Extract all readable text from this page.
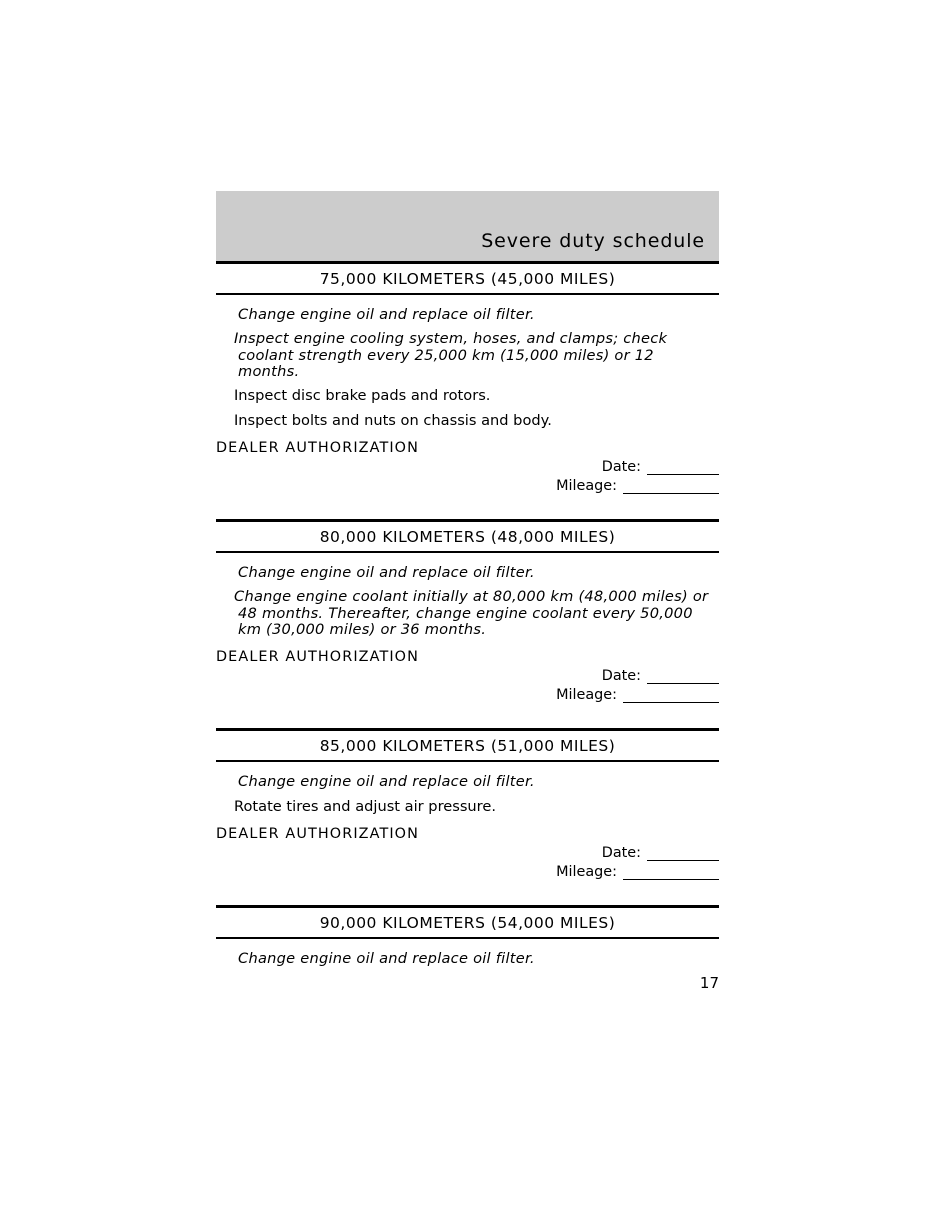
Severe duty schedule
75,000 KILOMETERS (45,000 MILES)

Change engine oil and replace oil filter.

Inspect engine cooling system, hoses, and clamps; check coolant strength every 25,000 km (15,000 miles) or 12 months.

Inspect disc brake pads and rotors.

Inspect bolts and nuts on chassis and body.

DEALER AUTHORIZATION
Date:
Mileage:
80,000 KILOMETERS (48,000 MILES)

Change engine oil and replace oil filter.

Change engine coolant initially at 80,000 km (48,000 miles) or 48 months. Thereafter, change engine coolant every 50,000 km (30,000 miles) or 36 months.

DEALER AUTHORIZATION
Date:
Mileage:
85,000 KILOMETERS (51,000 MILES)

Change engine oil and replace oil filter.

Rotate tires and adjust air pressure.

DEALER AUTHORIZATION
Date:
Mileage:
90,000 KILOMETERS (54,000 MILES)

Change engine oil and replace oil filter.

17
